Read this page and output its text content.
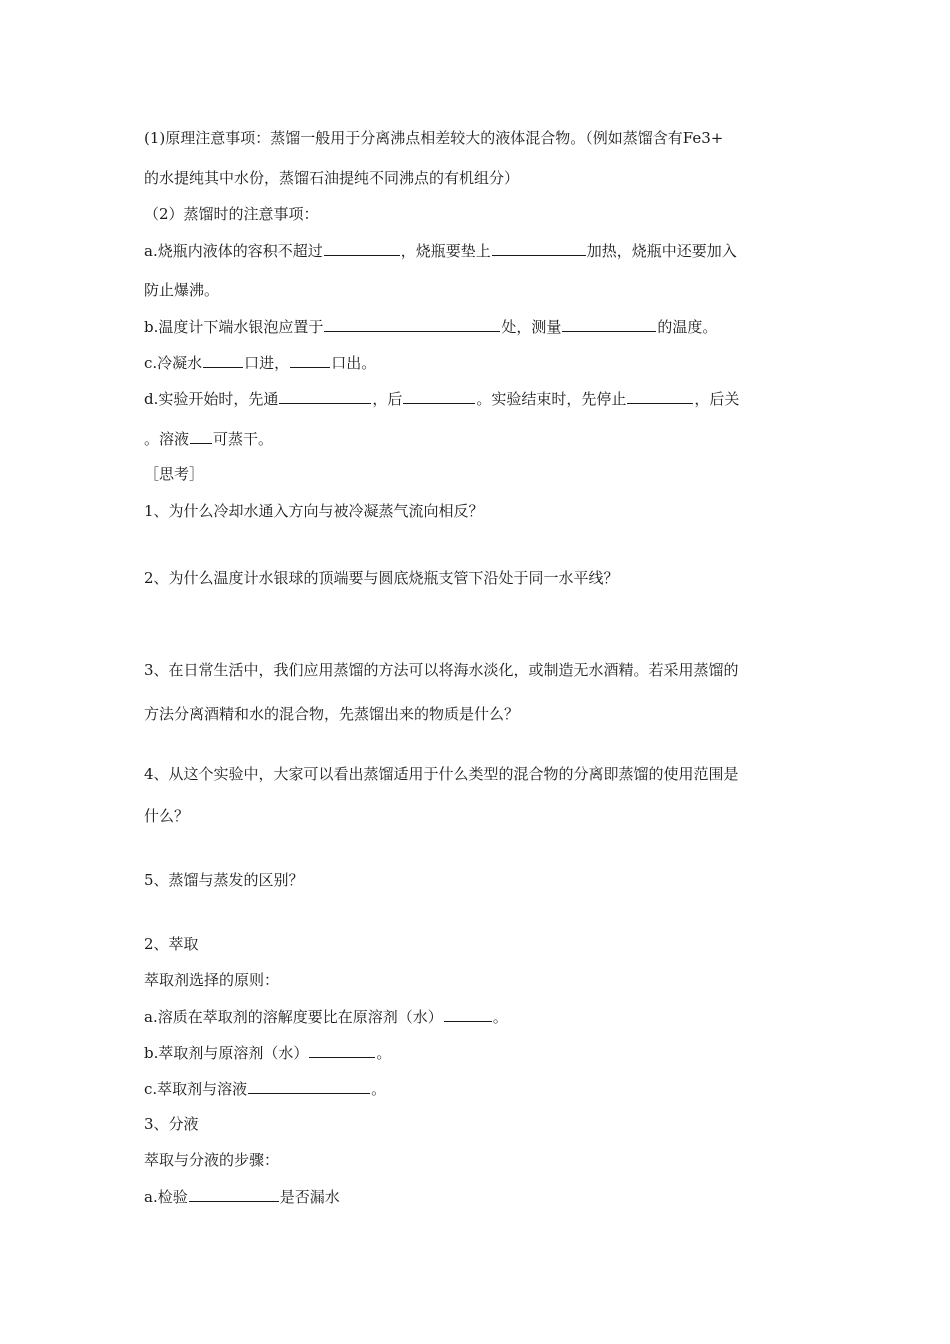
(1)原理注意事项：蒸馏一般用于分离沸点相差较大的液体混合物。（例如蒸馏含有Fe3+
的水提纯其中水份，蒸馏石油提纯不同沸点的有机组分）
（2）蒸馏时的注意事项：
a.烧瓶内液体的容积不超过	，烧瓶要垫上	加热，烧瓶中还要加入
防止爆沸。
b.温度计下端水银泡应置于	处，测量	的温度。
c.冷凝水	口进，	口出。
d.实验开始时，先通	，后	。实验结束时，先停止	，后关
。溶液 可蒸干。
［思考］
1、为什么冷却水通入方向与被冷凝蒸气流向相反？
2、为什么温度计水银球的顶端要与圆底烧瓶支管下沿处于同一水平线？
3、在日常生活中，我们应用蒸馏的方法可以将海水淡化，或制造无水酒精。若采用蒸馏的
方法分离酒精和水的混合物，先蒸馏出来的物质是什么？
4、从这个实验中，大家可以看出蒸馏适用于什么类型的混合物的分离即蒸馏的使用范围是
什么？
5、蒸馏与蒸发的区别？
2、萃取
萃取剂选择的原则：
a.溶质在萃取剂的溶解度要比在原溶剂（水）	。
b.萃取剂与原溶剂（水）	。
c.萃取剂与溶液	。
3、分液
萃取与分液的步骤：
a.检验	是否漏水
